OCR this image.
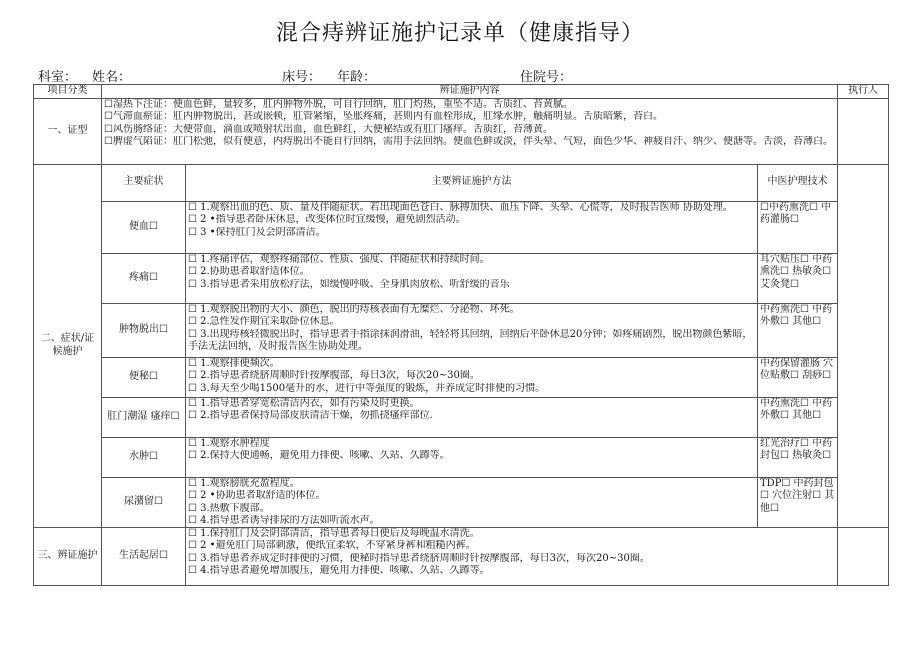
混合痔辨证施护记录单（健康指导）
科室： 姓名：	床号： 年龄：	住院号：
项目分类	辨证施护内容			执行人
一、证型	☐湿热下注证：便血色鲜，量较多，肛内肿物外脱，可自行回纳，肛门灼热，重坠不适。舌质红、苔黄腻。
☐气滞血瘀证：肛内肿物脱出，甚或嵌顿，肛管紧缩，坠胀疼痛，甚则内有血栓形成，肛缘水肿，触痛明显。舌质暗紫，苔白。
☐风伤肠络证：大便带血，滴血或喷射状出血，血色鲜红，大便秘结或有肛门瘙痒。舌质红，苔薄黄。
☐脾虚气陷证：肛门松弛，似有便意，内痔脱出不能自行回纳，需用手法回纳。便血色鲜或淡，伴头晕、气短，面色少华、神疲自汗、纳少、便溏等。舌淡，苔薄白。			

二、症状/证候施护	主要症状	主要辨证施护方法	中医护理技术	
	便血☐	☐ 1.观察出血的色、质、量及伴随症状。若出现面色苍白、脉搏加快、血压下降、头晕、心慌等，及时报告医师 协助处理。
☐ 2 •指导患者卧床休息，改变体位时宜缓慢，避免剧烈活动。
☐ 3 •保持肛门及会阴部清洁。	☐中药熏洗☐ 中药灌肠☐	
	疼痛☐	☐ 1.疼痛评估，观察疼痛部位、性质、强度、伴随症状和持续时间。
☐ 2.协助患者取舒适体位。
☐ 3.指导患者采用放松疗法，如缓慢呼吸、全身肌肉放松、听舒缓的音乐	耳穴贴压☐ 中药熏洗☐ 热敏灸☐ 艾灸凳☐	
	肿物脱出☐	☐ 1.观察脱出物的大小、颜色，脱出的痔核表面有无糜烂、分泌物、坏死。
☐ 2.急性发作期宜采取卧位休息。
☐ 3.出现痔核轻微脱出时，指导患者手指涂抹润滑油，轻轻将其回纳，回纳后平卧休息20分钟；如疼痛剧烈，脱出物颜色紫暗，手法无法回纳，及时报告医生协助处理。	中药熏洗☐ 中药外敷☐ 其他☐	
	便秘☐	☐ 1.观察排便频次。
☐ 2.指导患者绕脐周顺时针按摩腹部，每日3次，每次20~30圈。
☐ 3.每天至少喝1500毫升的水，进行中等强度的锻炼，并养成定时排便的习惯。	中药保留灌肠 穴位贴敷☐ 刮痧☐	
	肛门潮湿 瘙痒☐	☐ 1.指导患者穿宽松清洁内衣，如有污染及时更换。
☐ 2.指导患者保持局部皮肤清洁干燥，勿抓挠瘙痒部位.	中药熏洗☐ 中药外敷☐ 其他☐	
	水肿☐	☐ 1.观察水肿程度
☐ 2.保持大便通畅，避免用力排便、咳嗽、久站、久蹲等。	红光治疗☐ 中药封包☐ 热敏灸☐	
	尿潴留☐	☐ 1.观察膀胱充盈程度。
☐ 2 •协助患者取舒适的体位。
☐ 3.热敷下腹部。
☐ 4.指导患者诱导排尿的方法如听流水声。	TDP☐ 中药封包☐ 穴位注射☐ 其他☐	
三、辨证施护	生活起居☐	☐ 1.保持肛门及会阴部清洁，指导患者每日便后及每晚温水清洗。
☐ 2 •避免肛门局部刺激，便纸宜柔软，不穿紧身裤和粗糙内裤。
☐ 3.指导患者养成定时排便的习惯，便秘时指导患者绕脐周顺时针按摩腹部，每日3次，每次20~30圈。
☐ 4.指导患者避免增加腹压，避免用力排便、咳嗽、久站、久蹲等。		
